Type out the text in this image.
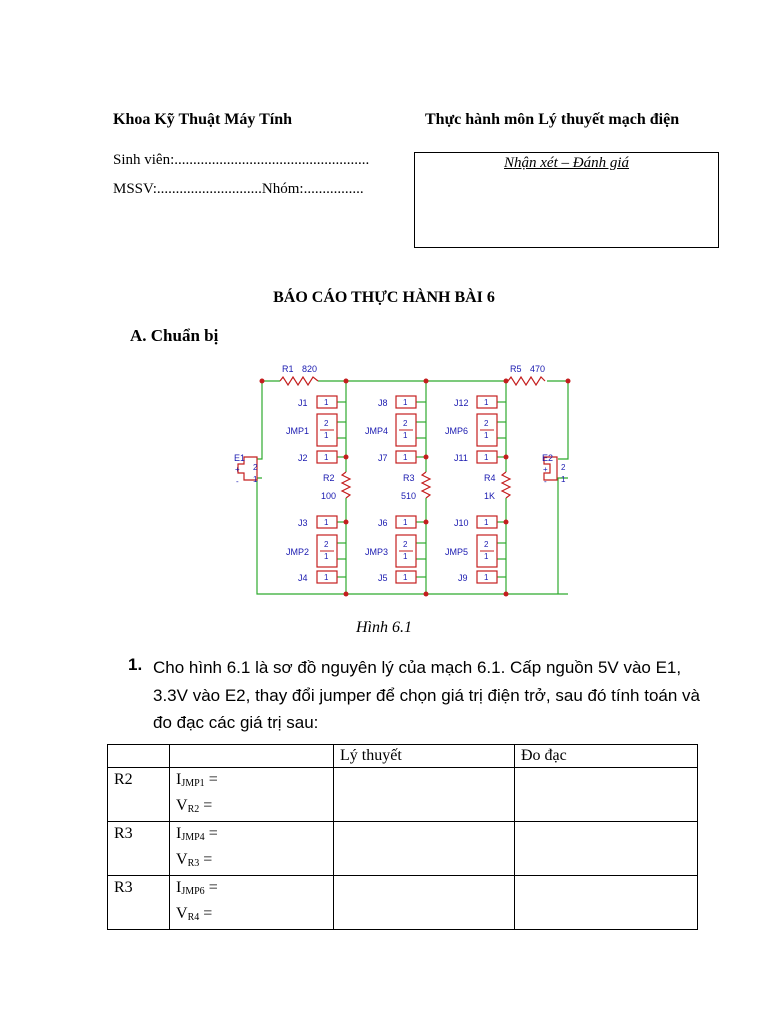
Khoa Kỹ Thuật Máy Tính	Thực hành môn Lý thuyết mạch điện
Sinh viên:....................................................
MSSV:............................Nhóm:................
Nhận xét – Đánh giá
BÁO CÁO THỰC HÀNH BÀI 6
A. Chuẩn bị
R1 820	R5 470
R2
100
R3
510
R4
1K
J1
J2
J3
J4
J8
J7
J6
J5
J12
J11
J10
J9
JMP1
JMP2	JMP3
JMP4
JMP5
JMP6
E1	E2
1
1
1
1
1
1
1
1
1
1
1
1
2
1
2
1
2
1
2
1
2
1
2
1
2
1
2
1
+
-
+
-
Hình 6.1
1. Cho hình 6.1 là sơ đồ nguyên lý của mạch 6.1. Cấp nguồn 5V vào E1, 3.3V vào E2, thay đổi jumper để chọn giá trị điện trở, sau đó tính toán và đo đạc các giá trị sau:
		Lý thuyết	Đo đạc
R2	$I_{JMP1}$ =
$V_{R2}$ =		

R3	$I_{JMP4}$ =
$V_{R3}$ =		

R3	$I_{JMP6}$ =
$V_{R4}$ =		
